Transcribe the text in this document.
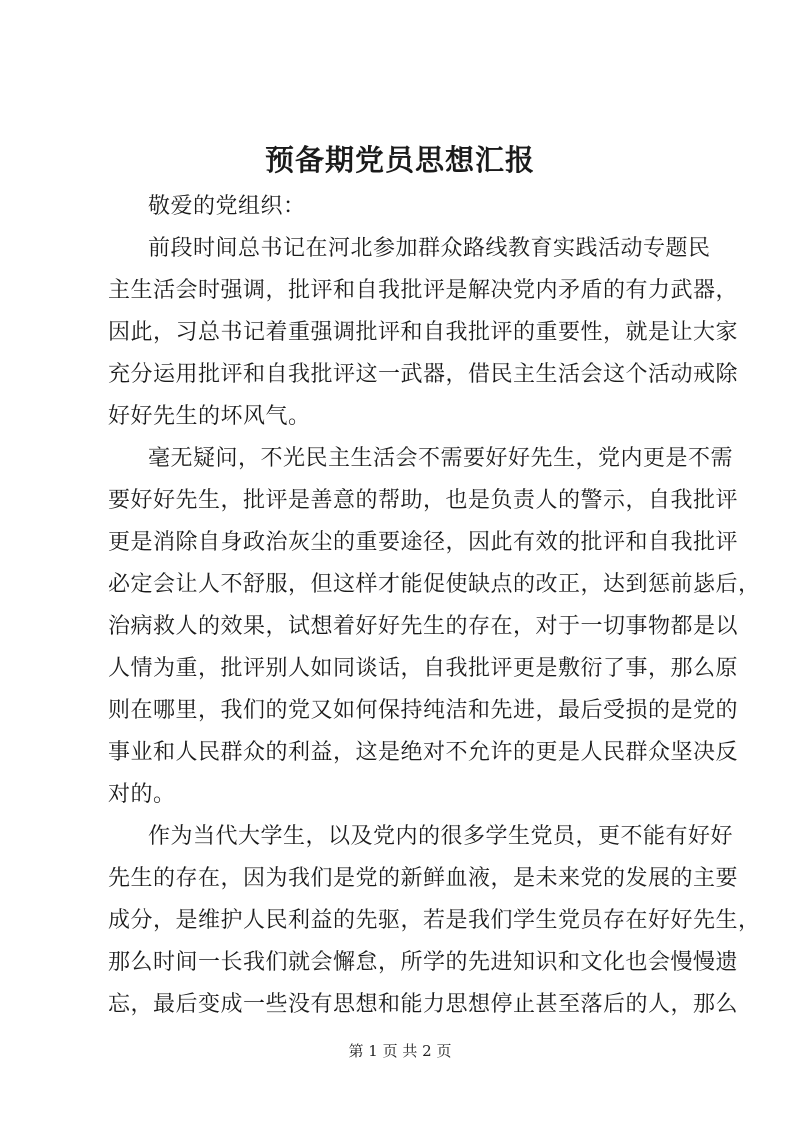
预备期党员思想汇报
敬爱的党组织：
前段时间总书记在河北参加群众路线教育实践活动专题民
主生活会时强调，批评和自我批评是解决党内矛盾的有力武器，
因此，习总书记着重强调批评和自我批评的重要性，就是让大家
充分运用批评和自我批评这一武器，借民主生活会这个活动戒除
好好先生的坏风气。
毫无疑问，不光民主生活会不需要好好先生，党内更是不需
要好好先生，批评是善意的帮助，也是负责人的警示，自我批评
更是消除自身政治灰尘的重要途径，因此有效的批评和自我批评
必定会让人不舒服，但这样才能促使缺点的改正，达到惩前毖后，
治病救人的效果，试想着好好先生的存在，对于一切事物都是以
人情为重，批评别人如同谈话，自我批评更是敷衍了事，那么原
则在哪里，我们的党又如何保持纯洁和先进，最后受损的是党的
事业和人民群众的利益，这是绝对不允许的更是人民群众坚决反
对的。
作为当代大学生，以及党内的很多学生党员，更不能有好好
先生的存在，因为我们是党的新鲜血液，是未来党的发展的主要
成分，是维护人民利益的先驱，若是我们学生党员存在好好先生，
那么时间一长我们就会懈怠，所学的先进知识和文化也会慢慢遗
忘，最后变成一些没有思想和能力思想停止甚至落后的人，那么
第 1 页 共 2 页
